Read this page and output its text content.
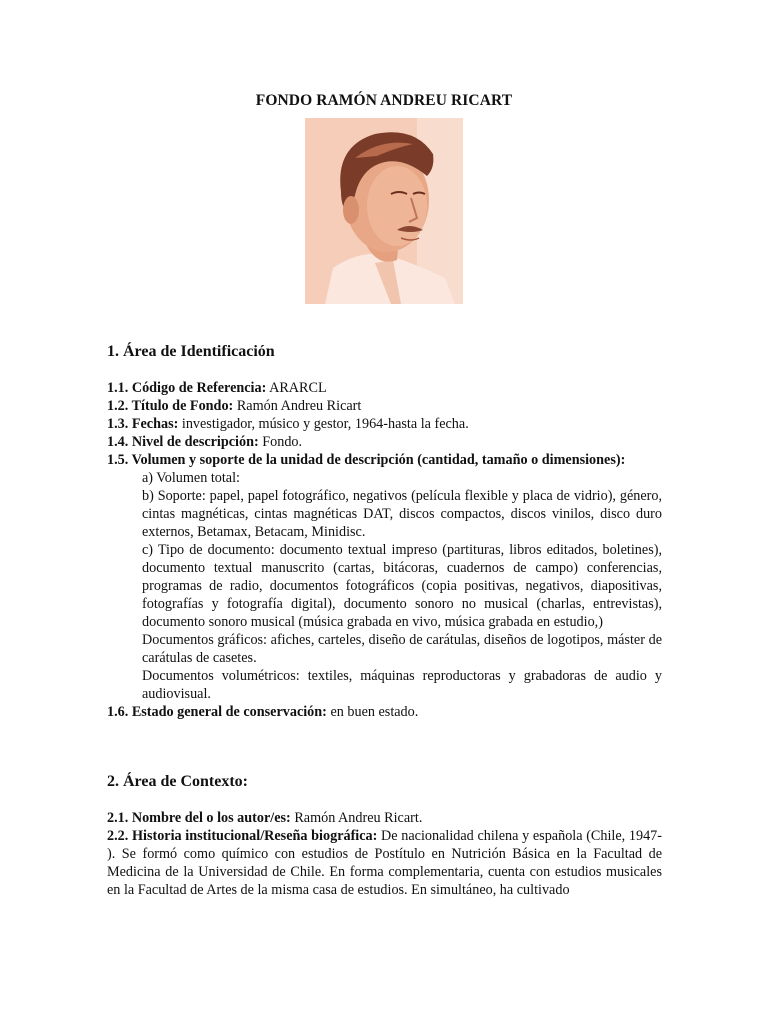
FONDO RAMÓN ANDREU RICART
1. Área de Identificación

1.1. Código de Referencia: ARARCL

1.2. Título de Fondo: Ramón Andreu Ricart

1.3. Fechas: investigador, músico y gestor, 1964-hasta la fecha.

1.4. Nivel de descripción: Fondo.

1.5. Volumen y soporte de la unidad de descripción (cantidad, tamaño o dimensiones):

a) Volumen total:

b) Soporte: papel, papel fotográfico, negativos (película flexible y placa de vidrio), género, cintas magnéticas, cintas magnéticas DAT, discos compactos, discos vinilos, disco duro externos, Betamax, Betacam, Minidisc.

c) Tipo de documento: documento textual impreso (partituras, libros editados, boletines), documento textual manuscrito (cartas, bitácoras, cuadernos de campo) conferencias, programas de radio, documentos fotográficos (copia positivas, negativos, diapositivas, fotografías y fotografía digital), documento sonoro no musical (charlas, entrevistas), documento sonoro musical (música grabada en vivo, música grabada en estudio,)

Documentos gráficos: afiches, carteles, diseño de carátulas, diseños de logotipos, máster de carátulas de casetes.

Documentos volumétricos: textiles, máquinas reproductoras y grabadoras de audio y audiovisual.

1.6. Estado general de conservación: en buen estado.

2. Área de Contexto:

2.1. Nombre del o los autor/es: Ramón Andreu Ricart.

2.2. Historia institucional/Reseña biográfica: De nacionalidad chilena y española (Chile, 1947- ). Se formó como químico con estudios de Postítulo en Nutrición Básica en la Facultad de Medicina de la Universidad de Chile. En forma complementaria, cuenta con estudios musicales en la Facultad de Artes de la misma casa de estudios. En simultáneo, ha cultivado
